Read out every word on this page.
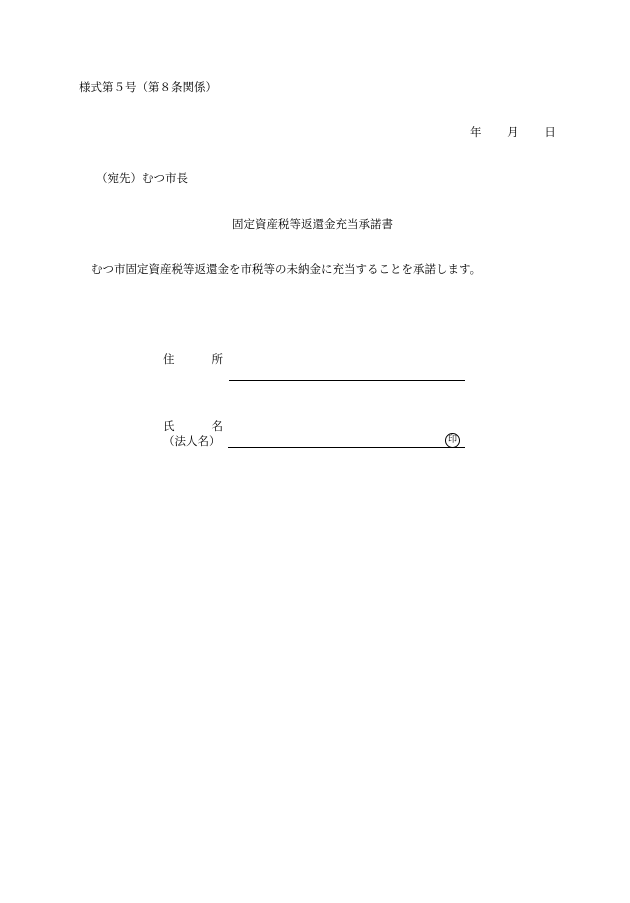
様式第５号（第８条関係）
年 月 日
（宛先）むつ市長
固定資産税等返還金充当承諾書
むつ市固定資産税等返還金を市税等の未納金に充当することを承諾します。
住	所
氏	名
（法人名）	印
